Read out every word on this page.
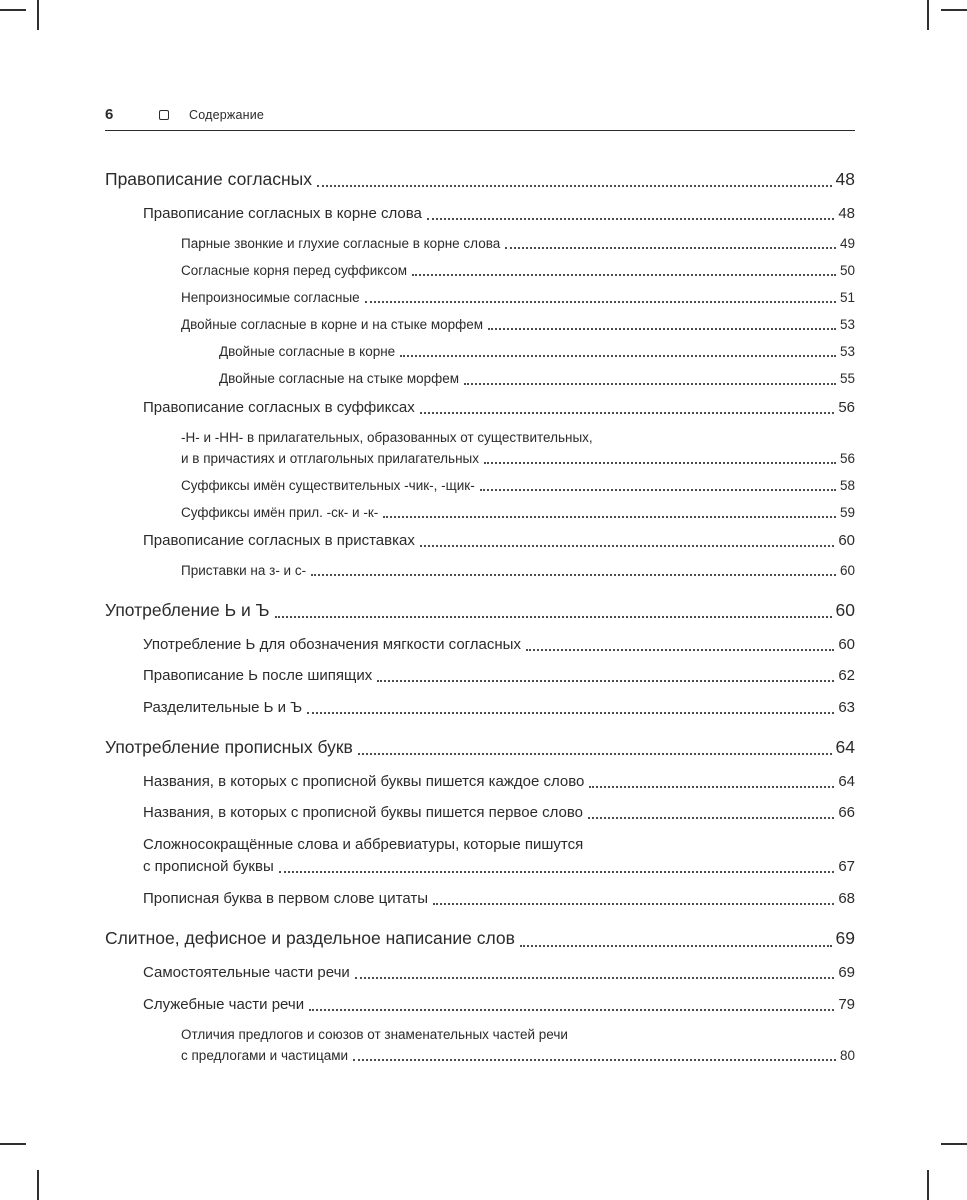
6	Содержание
Правописание согласных	48
Правописание согласных в корне слова	48
Парные звонкие и глухие согласные в корне слова	49
Согласные корня перед суффиксом	50
Непроизносимые согласные	51
Двойные согласные в корне и на стыке морфем	53
Двойные согласные в корне	53
Двойные согласные на стыке морфем	55
Правописание согласных в суффиксах	56
-Н- и -НН- в прилагательных, образованных от существительных,
и в причастиях и отглагольных прилагательных	56
Суффиксы имён существительных -чик-, -щик-	58
Суффиксы имён прил. -ск- и -к-	59
Правописание согласных в приставках	60
Приставки на з- и с-	60
Употребление Ь и Ъ	60
Употребление Ь для обозначения мягкости согласных	60
Правописание Ь после шипящих	62
Разделительные Ь и Ъ	63
Употребление прописных букв	64
Названия, в которых с прописной буквы пишется каждое слово	64
Названия, в которых с прописной буквы пишется первое слово	66
Сложносокращённые слова и аббревиатуры, которые пишутся
с прописной буквы	67
Прописная буква в первом слове цитаты	68
Слитное, дефисное и раздельное написание слов	69
Самостоятельные части речи	69
Служебные части речи	79
Отличия предлогов и союзов от знаменательных частей речи
с предлогами и частицами	80
